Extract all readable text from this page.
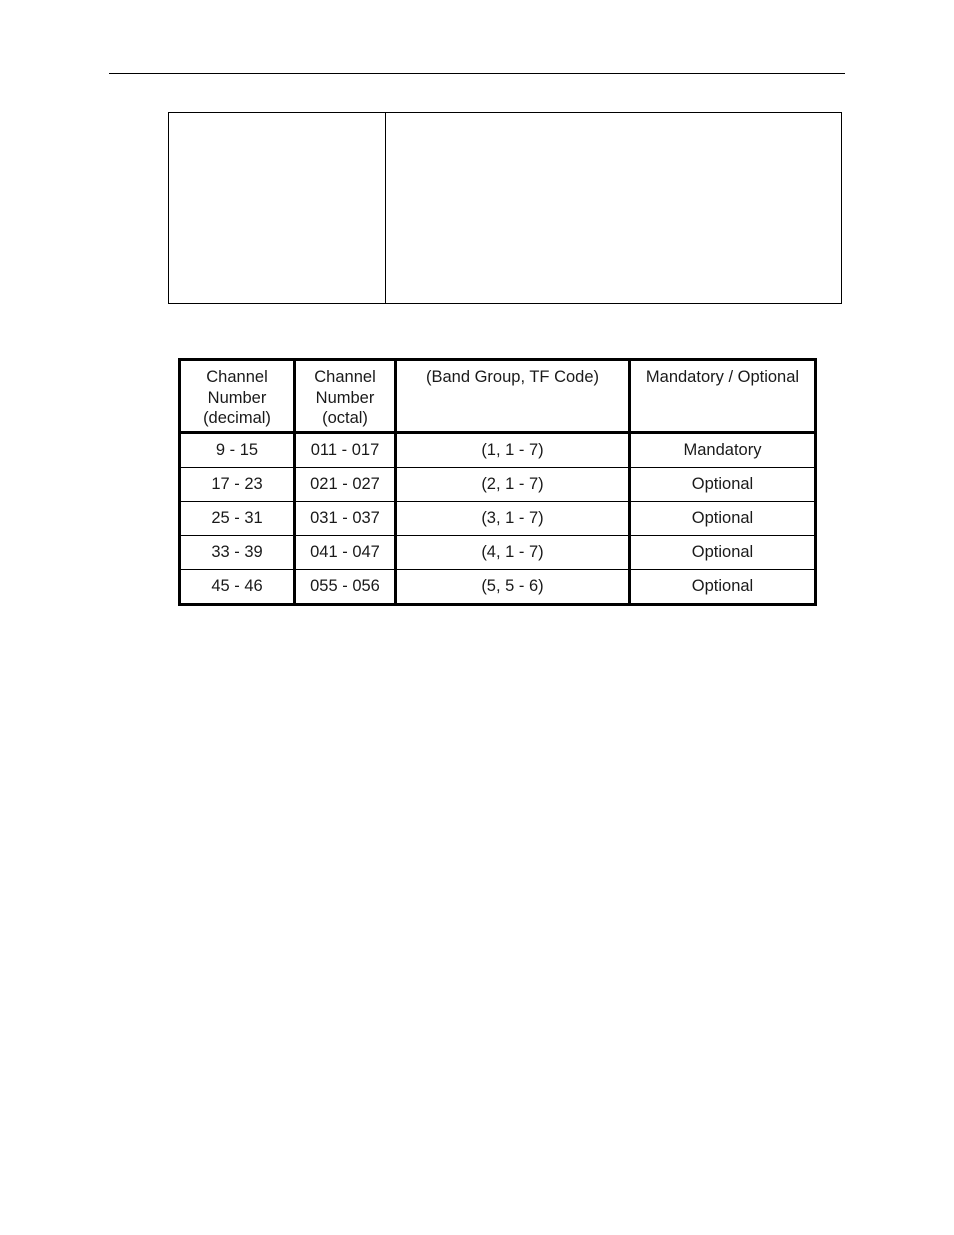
Channel
Number
(decimal)	Channel
Number
(octal)	(Band Group, TF Code)	Mandatory / Optional

9 - 15	011 - 017	(1, 1 - 7)	Mandatory
17 - 23	021 - 027	(2, 1 - 7)	Optional
25 - 31	031 - 037	(3, 1 - 7)	Optional
33 - 39	041 - 047	(4, 1 - 7)	Optional
45 - 46	055 - 056	(5, 5 - 6)	Optional
